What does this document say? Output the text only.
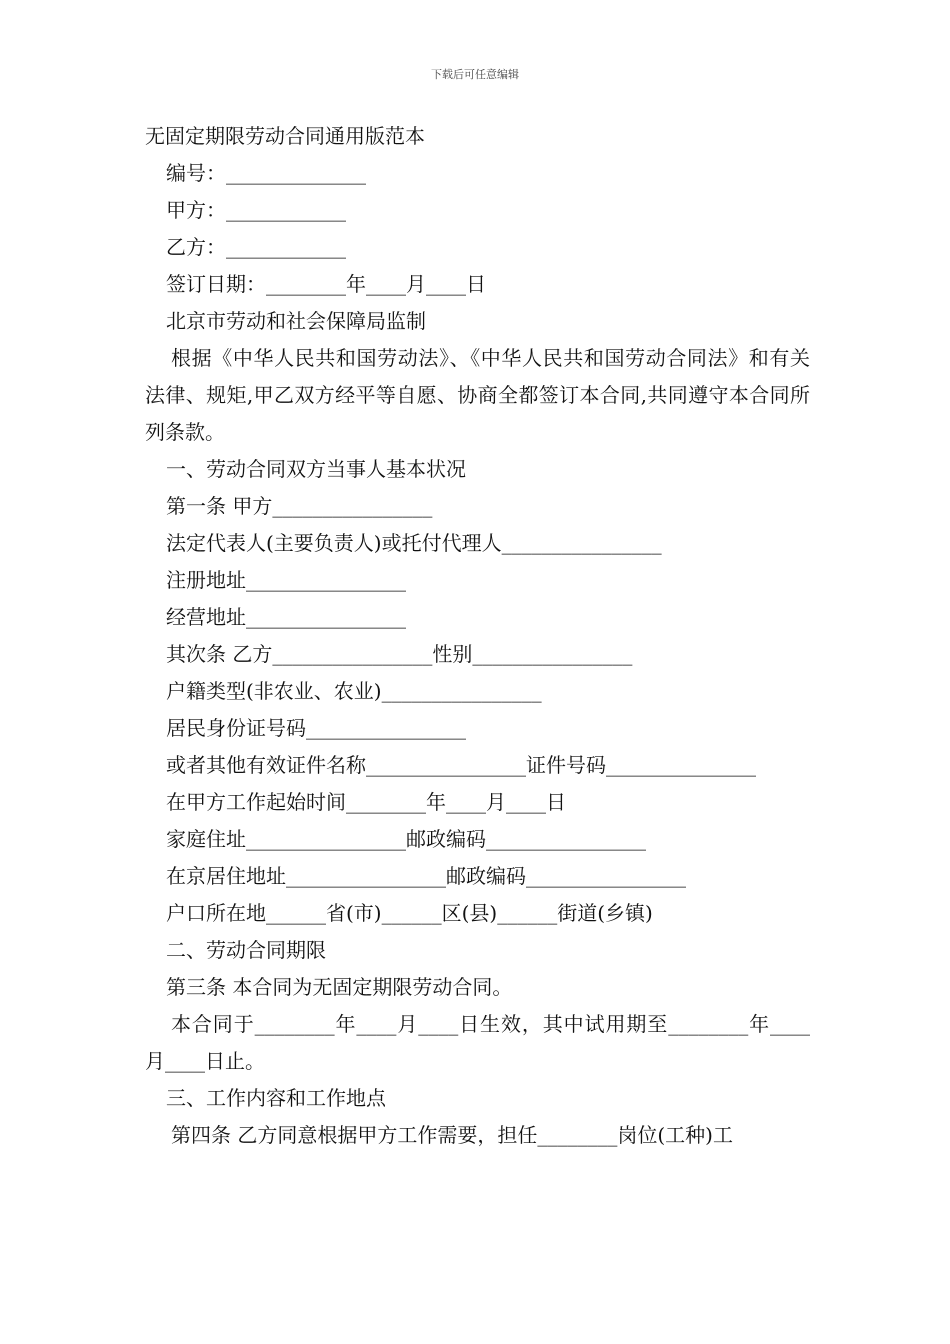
下载后可任意编辑
无固定期限劳动合同通用版范本
编号：______________
甲方：____________
乙方：____________
签订日期：________年____月____日
北京市劳动和社会保障局监制
根据《中华人民共和国劳动法》、《中华人民共和国劳动合同法》和有关法律、规矩,甲乙双方经平等自愿、协商全都签订本合同,共同遵守本合同所列条款。
一、劳动合同双方当事人基本状况
第一条 甲方________________
法定代表人(主要负责人)或托付代理人________________
注册地址________________
经营地址________________
其次条 乙方________________性别________________
户籍类型(非农业、农业)________________
居民身份证号码________________
或者其他有效证件名称________________证件号码_______________
在甲方工作起始时间________年____月____日
家庭住址________________邮政编码________________
在京居住地址________________邮政编码________________
户口所在地______省(市)______区(县)______街道(乡镇)
二、劳动合同期限
第三条 本合同为无固定期限劳动合同。
本合同于________年____月____日生效，其中试用期至________年____月____日止。
三、工作内容和工作地点
第四条 乙方同意根据甲方工作需要，担任________岗位(工种)工
